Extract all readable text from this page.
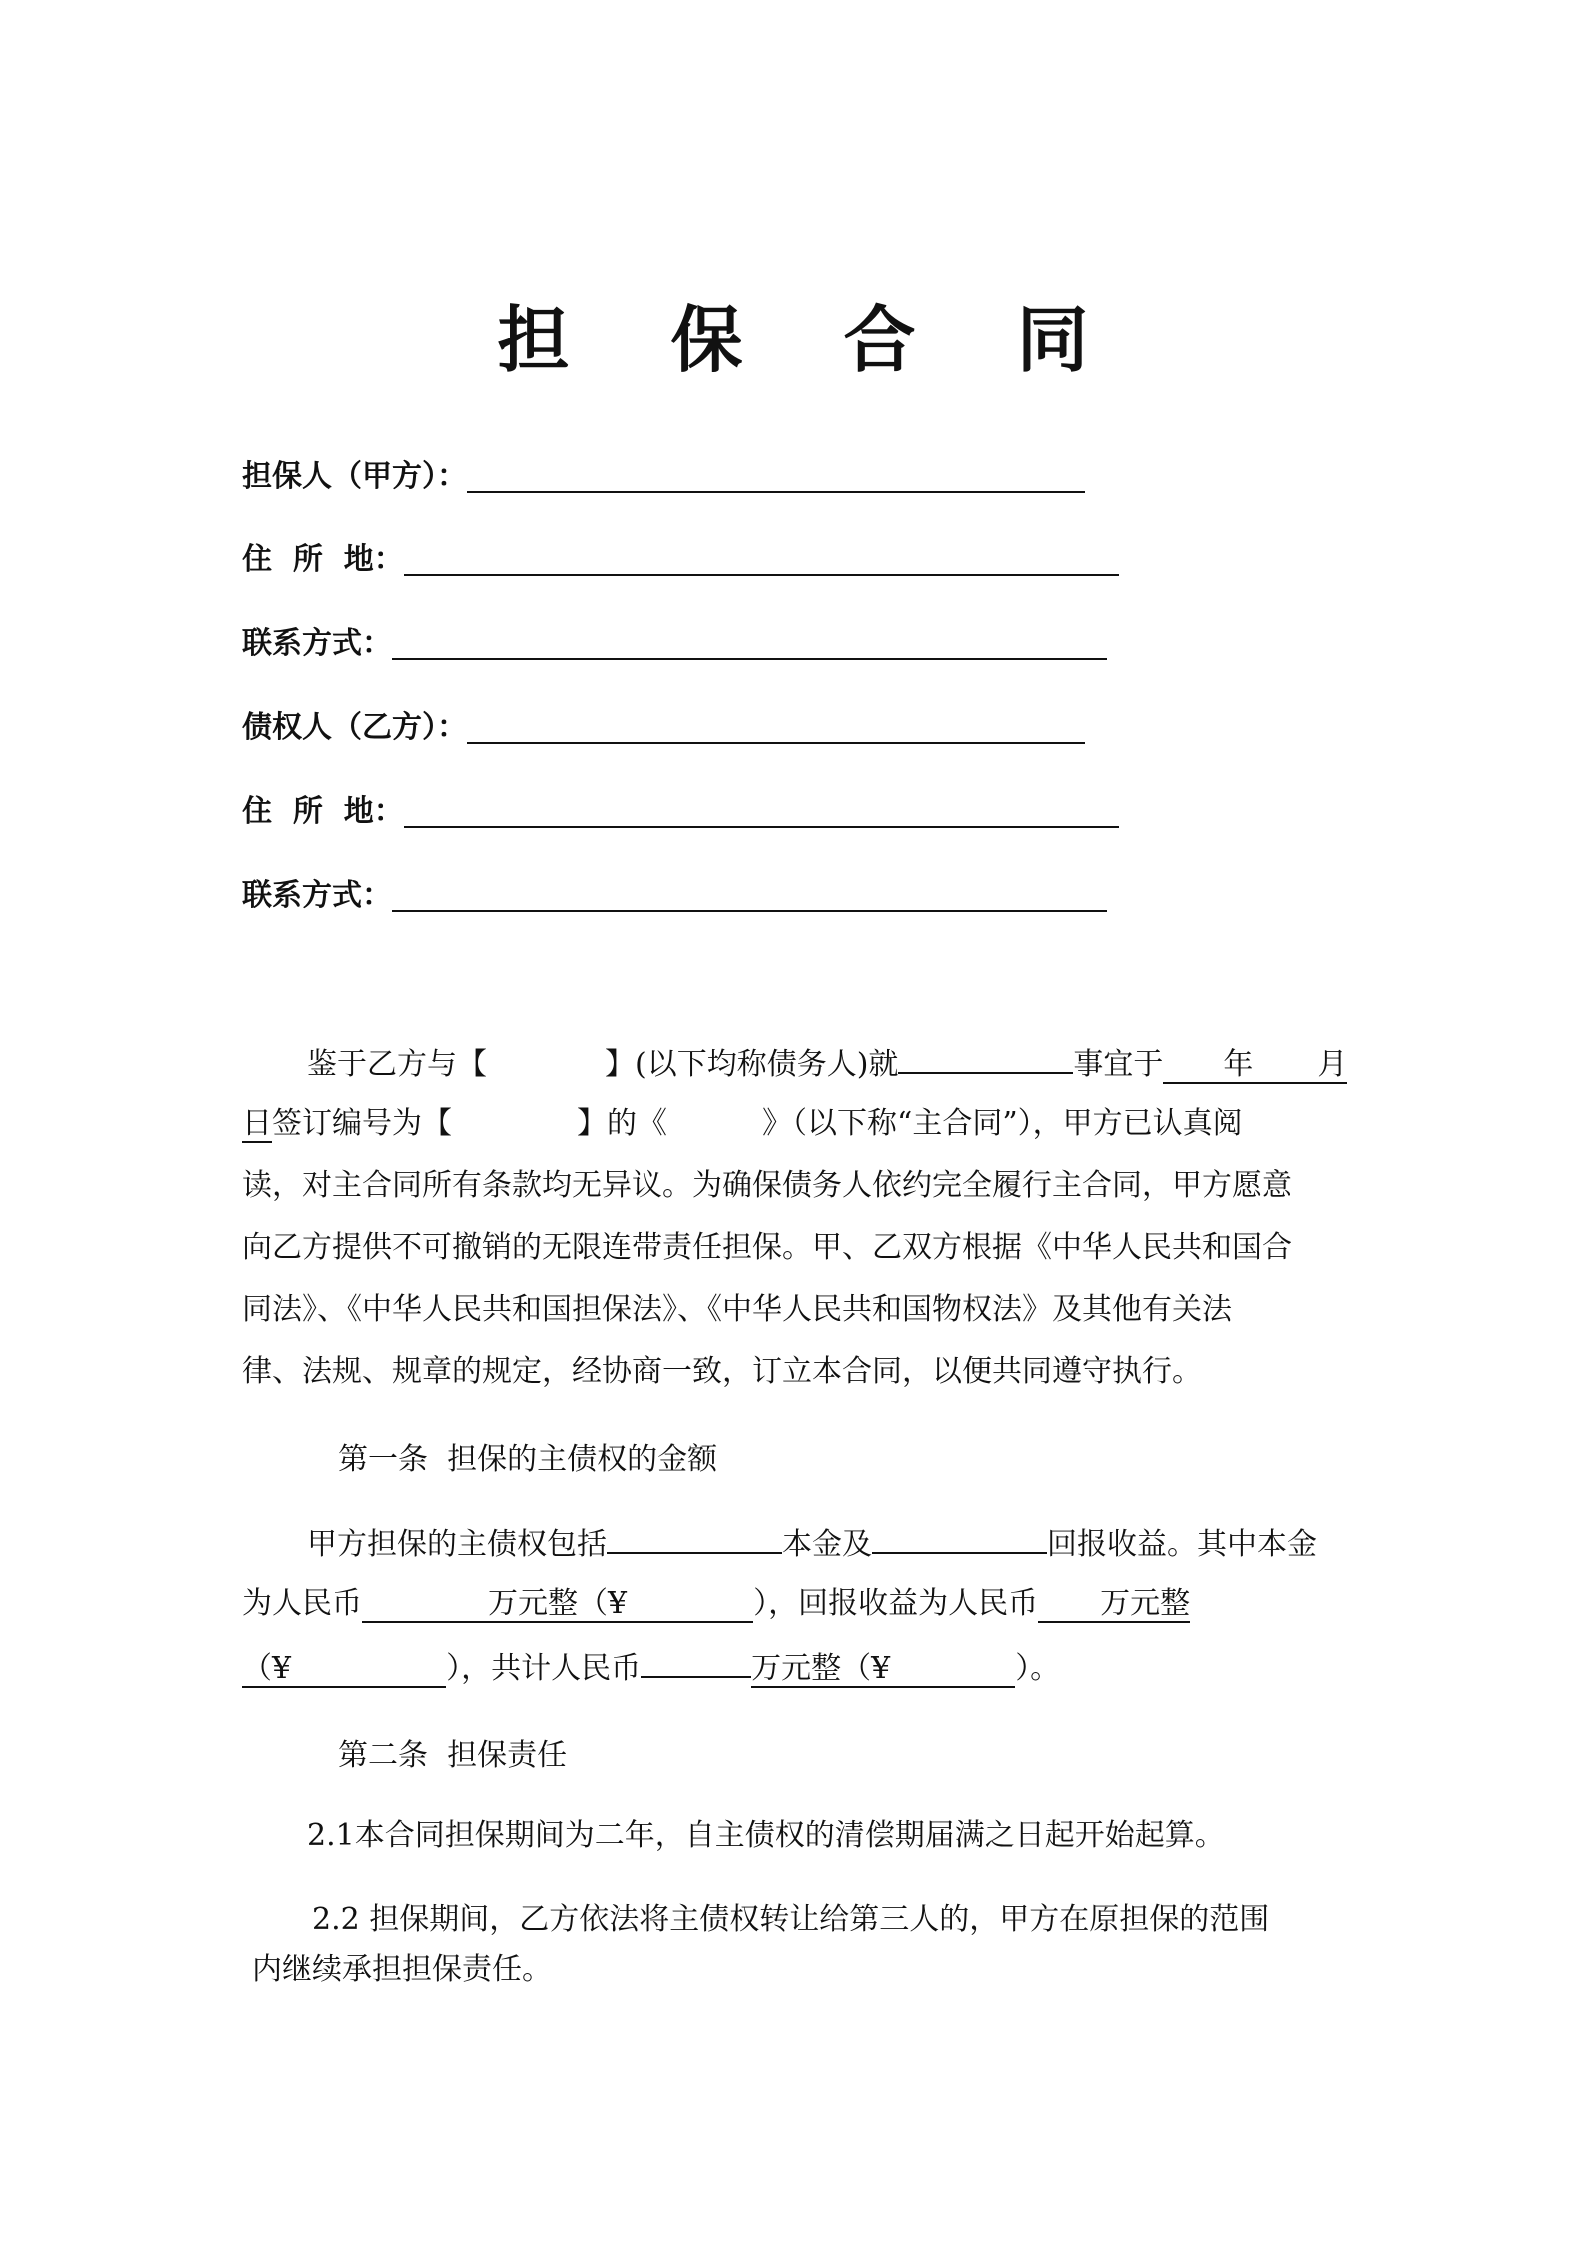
担 保 合 同
担保人（甲方）：
住  所  地：
联系方式：
债权人（乙方）：
住  所  地：
联系方式：
鉴于乙方与【	】(以下均称债务人)就	事宜于 年 月
日签订编号为【	】的《	》（以下称“主合同”），甲方已认真阅
读，对主合同所有条款均无异议。为确保债务人依约完全履行主合同，甲方愿意
向乙方提供不可撤销的无限连带责任担保。甲、乙双方根据《中华人民共和国合
同法》、《中华人民共和国担保法》、《中华人民共和国物权法》及其他有关法
律、法规、规章的规定，经协商一致，订立本合同，以便共同遵守执行。
第一条  担保的主债权的金额
甲方担保的主债权包括	本金及	回报收益。其中本金
为人民币	万元整（¥	），回报收益为人民币 万元整
（¥	），共计人民币	万元整（¥	）。
第二条  担保责任
2.1本合同担保期间为二年，自主债权的清偿期届满之日起开始起算。
2.2 担保期间，乙方依法将主债权转让给第三人的，甲方在原担保的范围
内继续承担担保责任。
